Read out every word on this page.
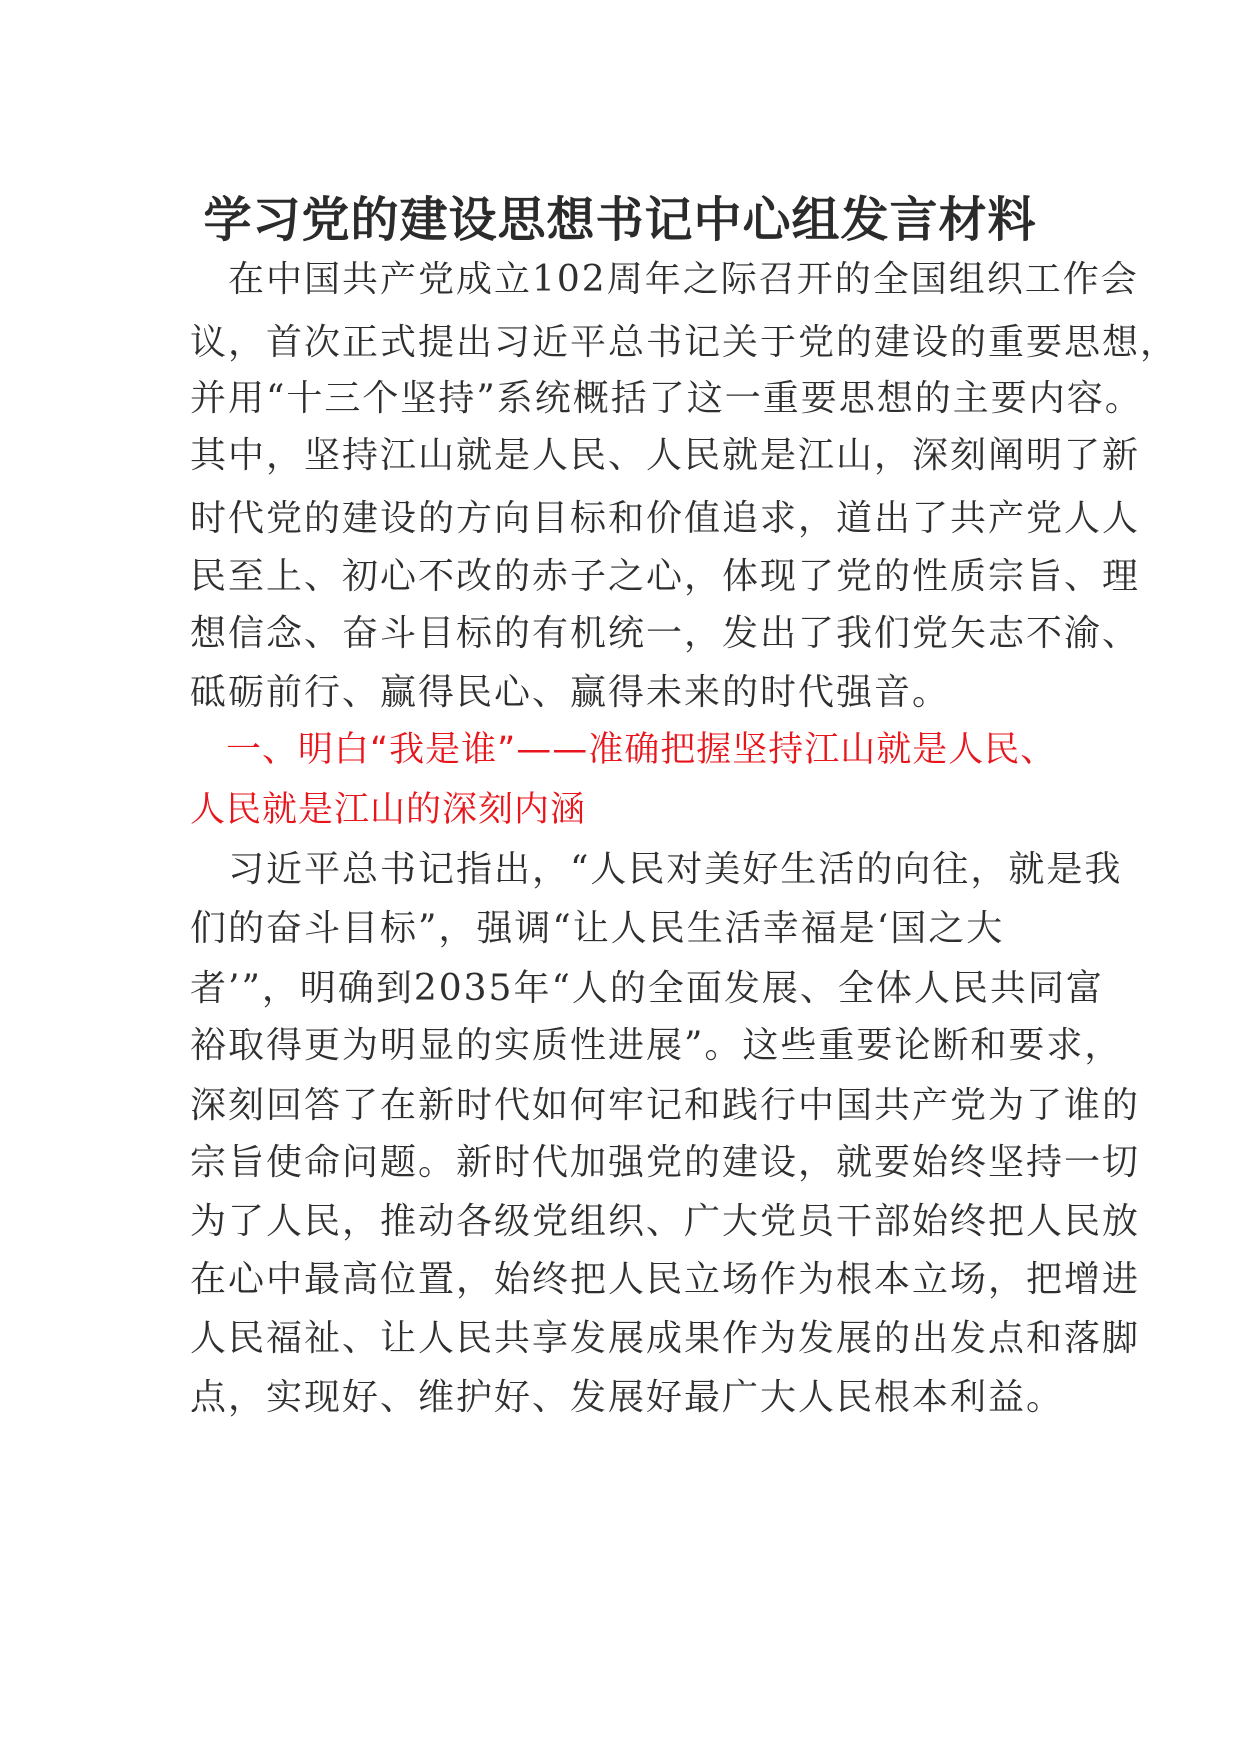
学习党的建设思想书记中心组发言材料
　在中国共产党成立102周年之际召开的全国组织工作会
议，首次正式提出习近平总书记关于党的建设的重要思想，
并用“十三个坚持”系统概括了这一重要思想的主要内容。
其中，坚持江山就是人民、人民就是江山，深刻阐明了新
时代党的建设的方向目标和价值追求，道出了共产党人人
民至上、初心不改的赤子之心，体现了党的性质宗旨、理
想信念、奋斗目标的有机统一，发出了我们党矢志不渝、
砥砺前行、赢得民心、赢得未来的时代强音。
　一、明白“我是谁”——准确把握坚持江山就是人民、
人民就是江山的深刻内涵
　习近平总书记指出，“人民对美好生活的向往，就是我
们的奋斗目标”，强调“让人民生活幸福是‘国之大
者’”，明确到2035年“人的全面发展、全体人民共同富
裕取得更为明显的实质性进展”。这些重要论断和要求，
深刻回答了在新时代如何牢记和践行中国共产党为了谁的
宗旨使命问题。新时代加强党的建设，就要始终坚持一切
为了人民，推动各级党组织、广大党员干部始终把人民放
在心中最高位置，始终把人民立场作为根本立场，把增进
人民福祉、让人民共享发展成果作为发展的出发点和落脚
点，实现好、维护好、发展好最广大人民根本利益。
